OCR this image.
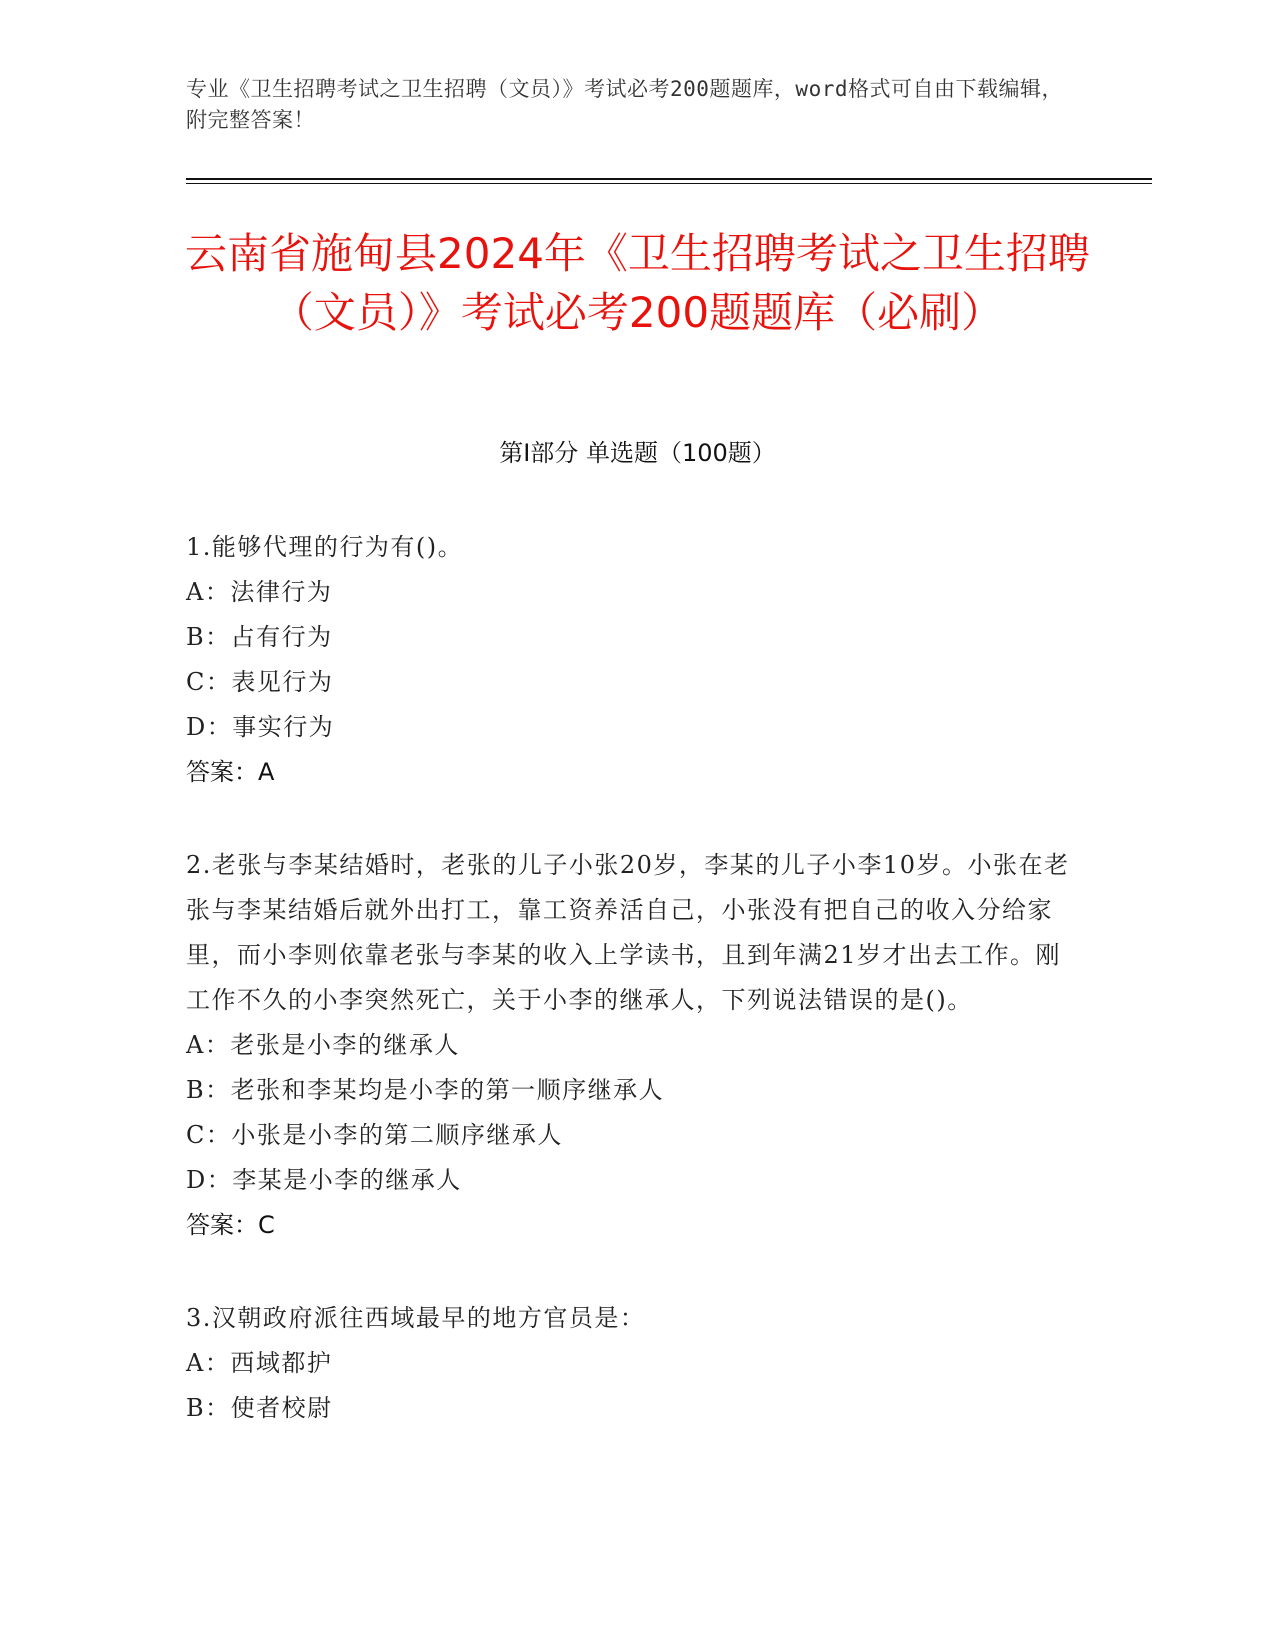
专业《卫生招聘考试之卫生招聘（文员）》考试必考200题题库，word格式可自由下载编辑，附完整答案！
云南省施甸县2024年《卫生招聘考试之卫生招聘（文员）》考试必考200题题库（必刷）
第I部分 单选题（100题）

1.能够代理的行为有()。

A：法律行为

B：占有行为

C：表见行为

D：事实行为

答案：A

2.老张与李某结婚时，老张的儿子小张20岁，李某的儿子小李10岁。小张在老张与李某结婚后就外出打工，靠工资养活自己，小张没有把自己的收入分给家里，而小李则依靠老张与李某的收入上学读书，且到年满21岁才出去工作。刚工作不久的小李突然死亡，关于小李的继承人，下列说法错误的是()。

A：老张是小李的继承人

B：老张和李某均是小李的第一顺序继承人

C：小张是小李的第二顺序继承人

D：李某是小李的继承人

答案：C

3.汉朝政府派往西域最早的地方官员是：

A：西域都护

B：使者校尉
